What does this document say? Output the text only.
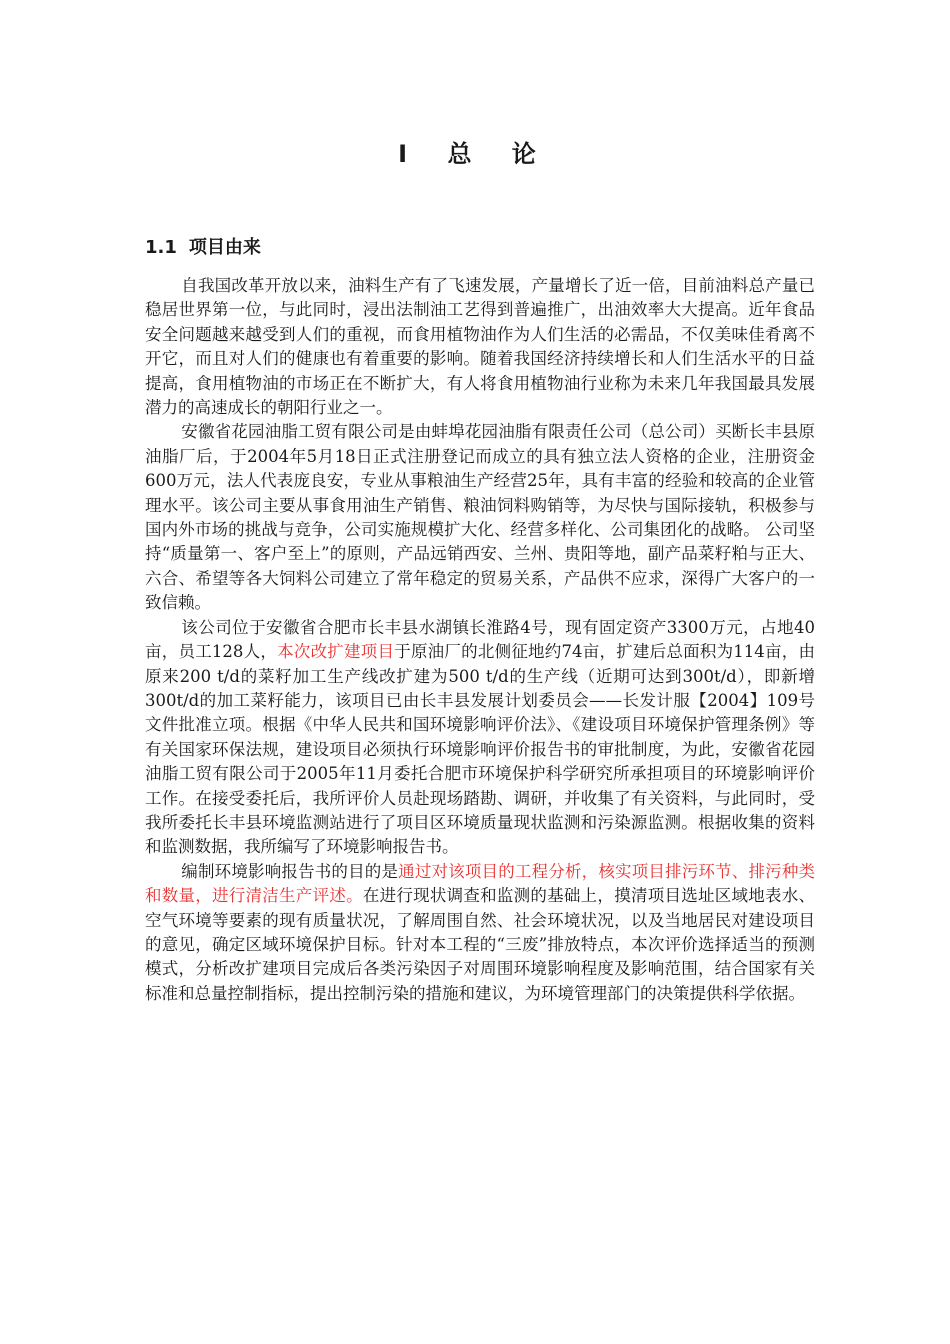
Ⅰ 总 论
1.1 项目由来

自我国改革开放以来，油料生产有了飞速发展，产量增长了近一倍，目前油料总产量已稳居世界第一位，与此同时，浸出法制油工艺得到普遍推广，出油效率大大提高。近年食品安全问题越来越受到人们的重视，而食用植物油作为人们生活的必需品，不仅美味佳肴离不开它，而且对人们的健康也有着重要的影响。随着我国经济持续增长和人们生活水平的日益提高，食用植物油的市场正在不断扩大，有人将食用植物油行业称为未来几年我国最具发展潜力的高速成长的朝阳行业之一。

安徽省花园油脂工贸有限公司是由蚌埠花园油脂有限责任公司（总公司）买断长丰县原油脂厂后，于2004年5月18日正式注册登记而成立的具有独立法人资格的企业，注册资金600万元，法人代表庞良安，专业从事粮油生产经营25年，具有丰富的经验和较高的企业管理水平。该公司主要从事食用油生产销售、粮油饲料购销等，为尽快与国际接轨，积极参与国内外市场的挑战与竞争，公司实施规模扩大化、经营多样化、公司集团化的战略。 公司坚持“质量第一、客户至上”的原则，产品远销西安、兰州、贵阳等地，副产品菜籽粕与正大、六合、希望等各大饲料公司建立了常年稳定的贸易关系，产品供不应求，深得广大客户的一致信赖。

该公司位于安徽省合肥市长丰县水湖镇长淮路4号，现有固定资产3300万元，占地40亩，员工128人，本次改扩建项目于原油厂的北侧征地约74亩，扩建后总面积为114亩，由原来200 t/d的菜籽加工生产线改扩建为500 t/d的生产线（近期可达到300t/d），即新增300t/d的加工菜籽能力，该项目已由长丰县发展计划委员会——长发计服【2004】109号文件批准立项。根据《中华人民共和国环境影响评价法》、《建设项目环境保护管理条例》等有关国家环保法规，建设项目必须执行环境影响评价报告书的审批制度，为此，安徽省花园油脂工贸有限公司于2005年11月委托合肥市环境保护科学研究所承担项目的环境影响评价工作。在接受委托后，我所评价人员赴现场踏勘、调研，并收集了有关资料，与此同时，受我所委托长丰县环境监测站进行了项目区环境质量现状监测和污染源监测。根据收集的资料和监测数据，我所编写了环境影响报告书。

编制环境影响报告书的目的是通过对该项目的工程分析，核实项目排污环节、排污种类和数量，进行清洁生产评述。在进行现状调查和监测的基础上，摸清项目选址区域地表水、空气环境等要素的现有质量状况，了解周围自然、社会环境状况，以及当地居民对建设项目的意见，确定区域环境保护目标。针对本工程的“三废”排放特点，本次评价选择适当的预测模式，分析改扩建项目完成后各类污染因子对周围环境影响程度及影响范围，结合国家有关标准和总量控制指标，提出控制污染的措施和建议，为环境管理部门的决策提供科学依据。
